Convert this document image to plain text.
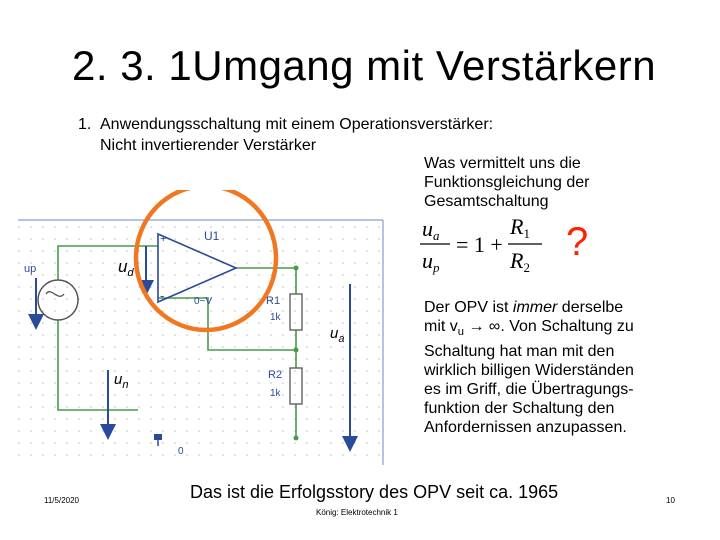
2. 3. 1Umgang mit Verstärkern
1. Anwendungsschaltung mit einem Operationsverstärker:
Nicht invertierender Verstärker
Was vermittelt uns die
Funktionsgleichung der
Gesamtschaltung
ua
up
= 1 +
R1
R2
?
Der OPV ist immer derselbe
mit $v_u$ → ∞. Von Schaltung zu
Schaltung hat man mit den
wirklich billigen Widerständen
es im Griff, die Übertragungs-
funktion der Schaltung den
Anfordernissen anzupassen.
+
-
U1
0~V	R1
1k
R2
1k
0
up	$u_d$
$u_a$
$u_n$
Das ist die Erfolgsstory des OPV seit ca. 1965
11/5/2020
König: Elektrotechnik 1
10
